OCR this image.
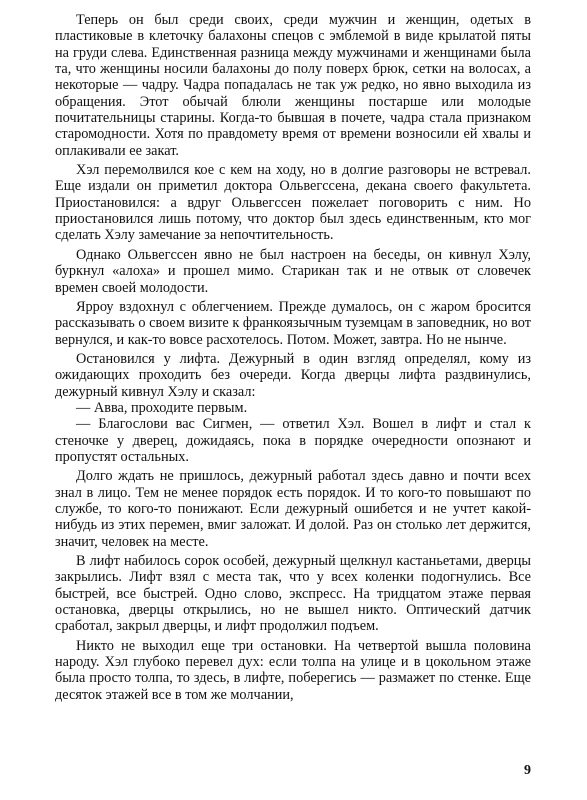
Теперь он был среди своих, среди мужчин и женщин, одетых в пластиковые в клеточку балахоны спецов с эмблемой в виде крылатой пяты на груди слева. Единственная разница между мужчинами и женщинами была та, что женщины носили балахоны до полу поверх брюк, сетки на волосах, а некоторые — чадру. Чадра попадалась не так уж редко, но явно выходила из обращения. Этот обычай блюли женщины постарше или молодые почитательницы старины. Когда-то бывшая в почете, чадра стала признаком старомодности. Хотя по правдомету время от времени возносили ей хвалы и оплакивали ее закат.

Хэл перемолвился кое с кем на ходу, но в долгие разговоры не встревал. Еще издали он приметил доктора Ольвегссена, декана своего факультета. Приостановился: а вдруг Ольвегссен пожелает поговорить с ним. Но приостановился лишь потому, что доктор был здесь единственным, кто мог сделать Хэлу замечание за непочтительность.

Однако Ольвегссен явно не был настроен на беседы, он кивнул Хэлу, буркнул «алоха» и прошел мимо. Старикан так и не отвык от словечек времен своей молодости.

Ярроу вздохнул с облегчением. Прежде думалось, он с жаром бросится рассказывать о своем визите к франкоязычным туземцам в заповедник, но вот вернулся, и как-то вовсе расхотелось. Потом. Может, завтра. Но не нынче.

Остановился у лифта. Дежурный в один взгляд определял, кому из ожидающих проходить без очереди. Когда дверцы лифта раздвинулись, дежурный кивнул Хэлу и сказал:

— Авва, проходите первым.

— Благослови вас Сигмен, — ответил Хэл. Вошел в лифт и стал к стеночке у дверец, дожидаясь, пока в порядке очередности опознают и пропустят остальных.

Долго ждать не пришлось, дежурный работал здесь давно и почти всех знал в лицо. Тем не менее порядок есть порядок. И то кого-то повышают по службе, то кого-то понижают. Если дежурный ошибется и не учтет какой-нибудь из этих перемен, вмиг заложат. И долой. Раз он столько лет держится, значит, человек на месте.

В лифт набилось сорок особей, дежурный щелкнул кастаньетами, дверцы закрылись. Лифт взял с места так, что у всех коленки подогнулись. Все быстрей, все быстрей. Одно слово, экспресс. На тридцатом этаже первая остановка, дверцы открылись, но не вышел никто. Оптический датчик сработал, закрыл дверцы, и лифт продолжил подъем.

Никто не выходил еще три остановки. На четвертой вышла половина народу. Хэл глубоко перевел дух: если толпа на улице и в цокольном этаже была просто толпа, то здесь, в лифте, поберегись — размажет по стенке. Еще десяток этажей все в том же молчании,

9
